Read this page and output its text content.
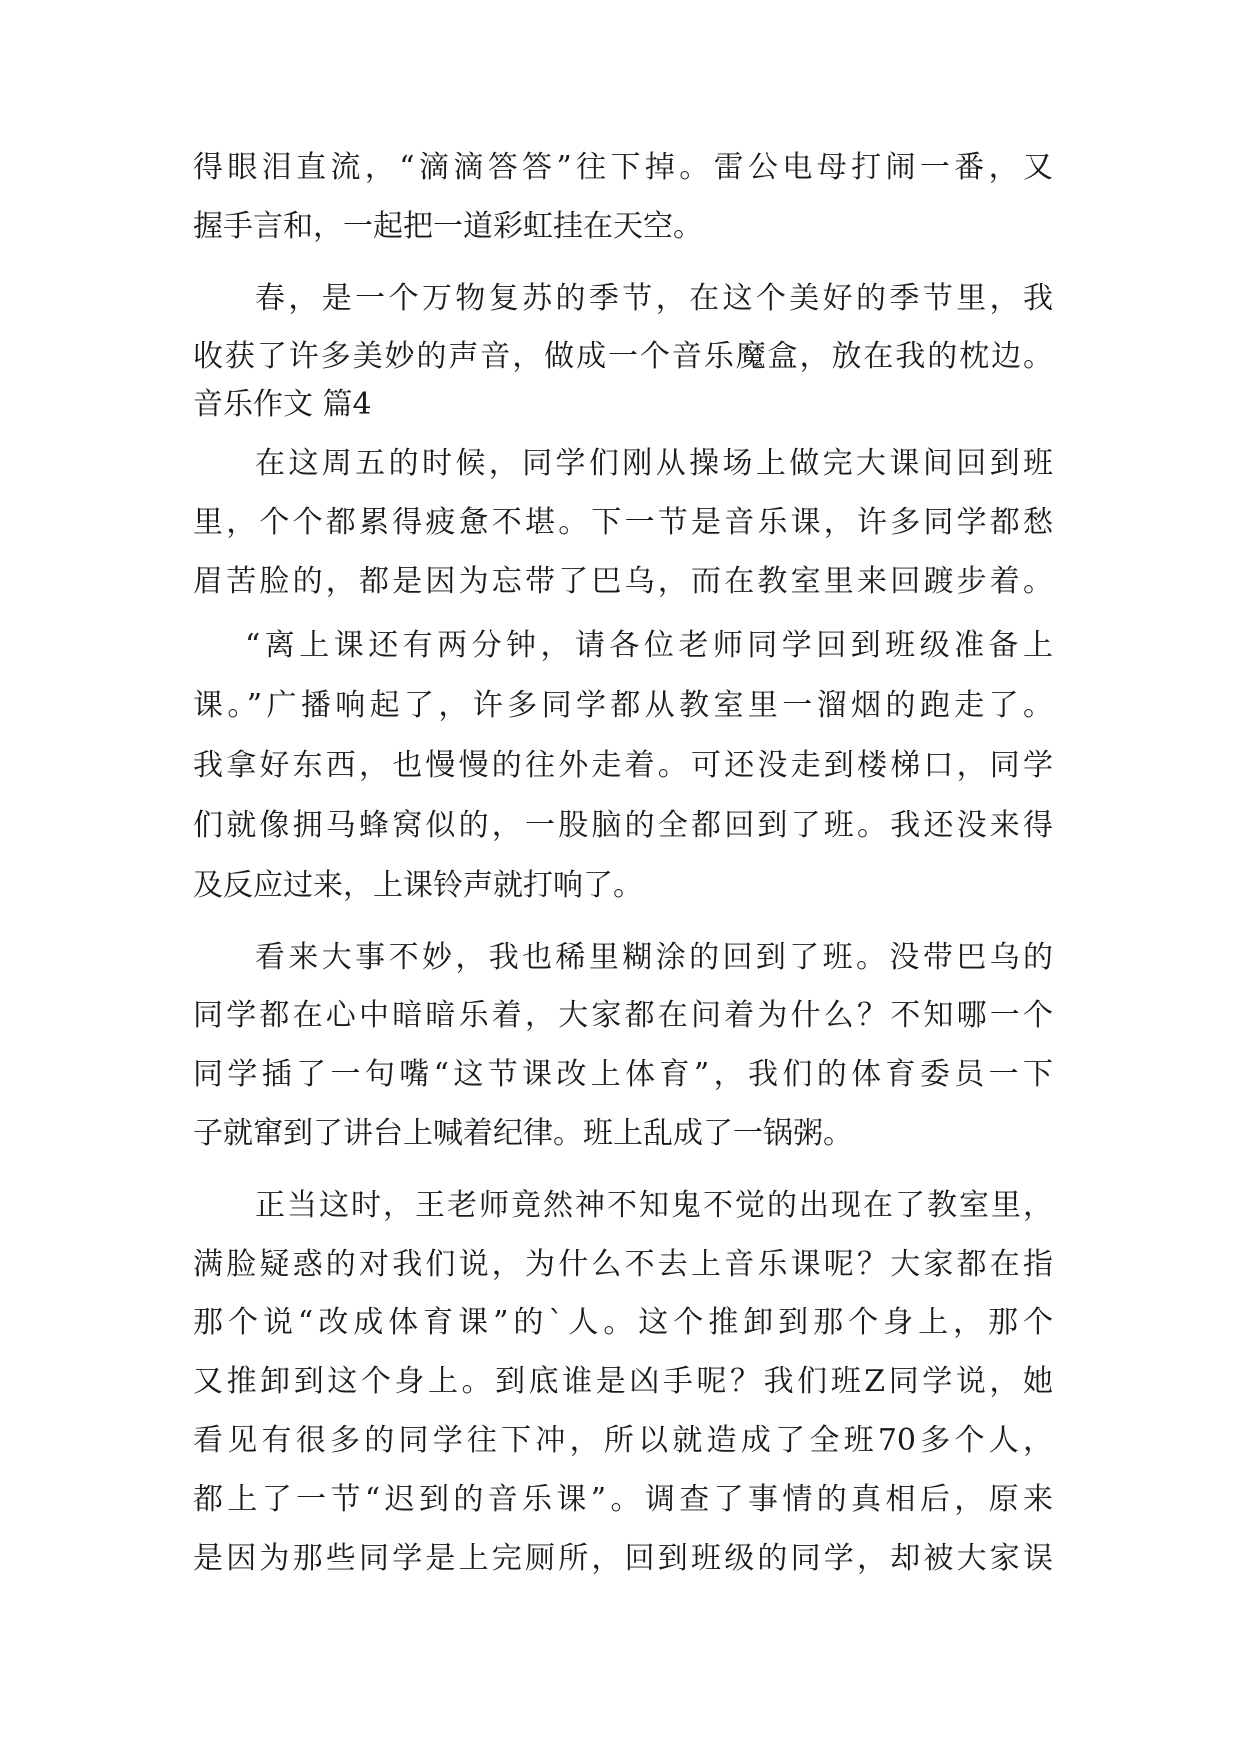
得眼泪直流，“滴滴答答”往下掉。雷公电母打闹一番，又
握手言和，一起把一道彩虹挂在天空。
春，是一个万物复苏的季节，在这个美好的季节里，我
收获了许多美妙的声音，做成一个音乐魔盒，放在我的枕边。
音乐作文 篇4
在这周五的时候，同学们刚从操场上做完大课间回到班
里，个个都累得疲惫不堪。下一节是音乐课，许多同学都愁
眉苦脸的，都是因为忘带了巴乌，而在教室里来回踱步着。
“离上课还有两分钟，请各位老师同学回到班级准备上
课。”广播响起了，许多同学都从教室里一溜烟的跑走了。
我拿好东西，也慢慢的往外走着。可还没走到楼梯口，同学
们就像拥马蜂窝似的，一股脑的全都回到了班。我还没来得
及反应过来，上课铃声就打响了。
看来大事不妙，我也稀里糊涂的回到了班。没带巴乌的
同学都在心中暗暗乐着，大家都在问着为什么？不知哪一个
同学插了一句嘴“这节课改上体育”，我们的体育委员一下
子就窜到了讲台上喊着纪律。班上乱成了一锅粥。
正当这时，王老师竟然神不知鬼不觉的出现在了教室里，
满脸疑惑的对我们说，为什么不去上音乐课呢？大家都在指
那个说“改成体育课”的`人。这个推卸到那个身上，那个
又推卸到这个身上。到底谁是凶手呢？我们班Z同学说，她
看见有很多的同学往下冲，所以就造成了全班70多个人，
都上了一节“迟到的音乐课”。调查了事情的真相后，原来
是因为那些同学是上完厕所，回到班级的同学，却被大家误
